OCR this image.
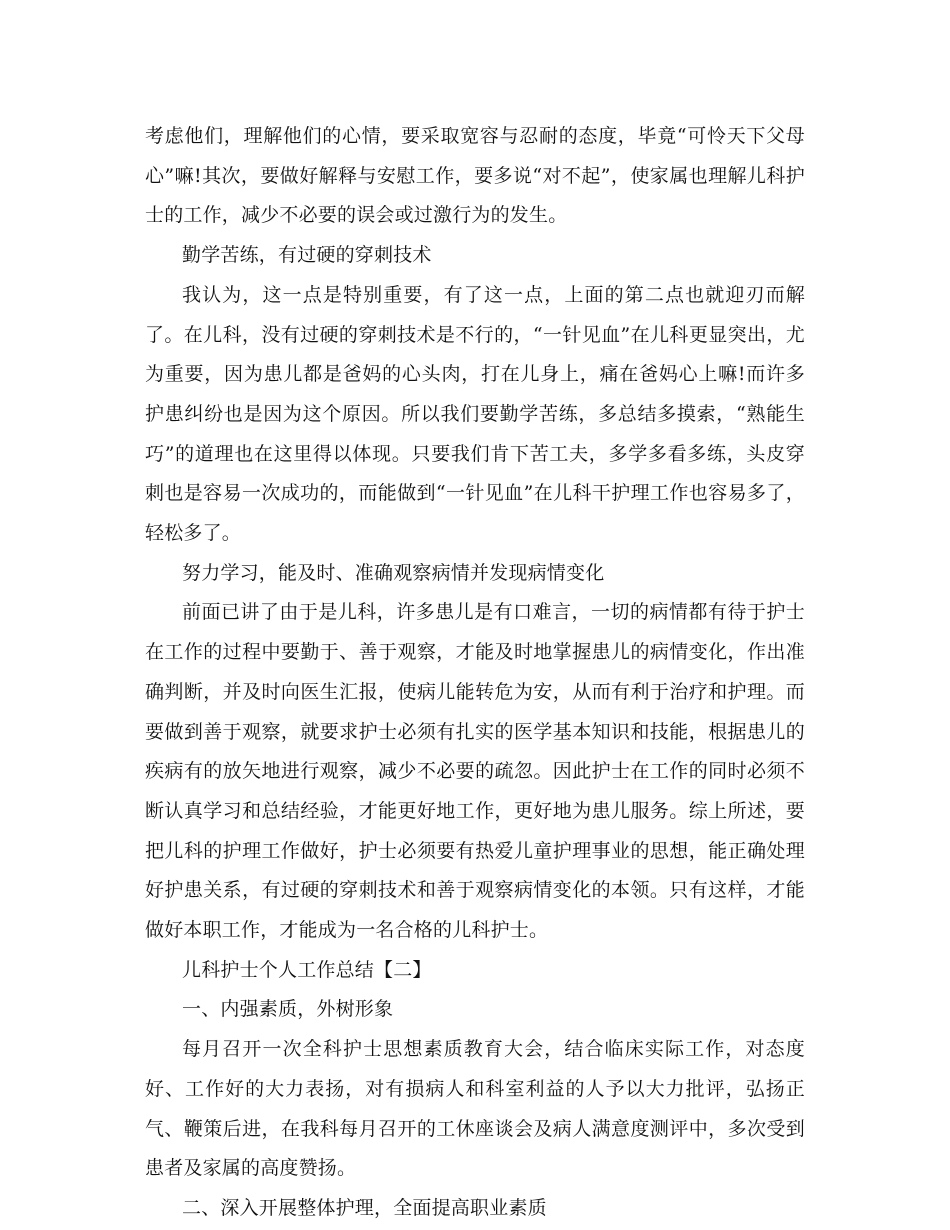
考虑他们，理解他们的心情，要采取宽容与忍耐的态度，毕竟“可怜天下父母心”嘛!其次，要做好解释与安慰工作，要多说“对不起”，使家属也理解儿科护士的工作，减少不必要的误会或过激行为的发生。

勤学苦练，有过硬的穿刺技术

我认为，这一点是特别重要，有了这一点，上面的第二点也就迎刃而解了。在儿科，没有过硬的穿刺技术是不行的，“一针见血”在儿科更显突出，尤为重要，因为患儿都是爸妈的心头肉，打在儿身上，痛在爸妈心上嘛!而许多护患纠纷也是因为这个原因。所以我们要勤学苦练，多总结多摸索，“熟能生巧”的道理也在这里得以体现。只要我们肯下苦工夫，多学多看多练，头皮穿刺也是容易一次成功的，而能做到“一针见血”在儿科干护理工作也容易多了，轻松多了。

努力学习，能及时、准确观察病情并发现病情变化

前面已讲了由于是儿科，许多患儿是有口难言，一切的病情都有待于护士在工作的过程中要勤于、善于观察，才能及时地掌握患儿的病情变化，作出准确判断，并及时向医生汇报，使病儿能转危为安，从而有利于治疗和护理。而要做到善于观察，就要求护士必须有扎实的医学基本知识和技能，根据患儿的疾病有的放矢地进行观察，减少不必要的疏忽。因此护士在工作的同时必须不断认真学习和总结经验，才能更好地工作，更好地为患儿服务。综上所述，要把儿科的护理工作做好，护士必须要有热爱儿童护理事业的思想，能正确处理好护患关系，有过硬的穿刺技术和善于观察病情变化的本领。只有这样，才能做好本职工作，才能成为一名合格的儿科护士。

儿科护士个人工作总结【二】

一、内强素质，外树形象

每月召开一次全科护士思想素质教育大会，结合临床实际工作，对态度好、工作好的大力表扬，对有损病人和科室利益的人予以大力批评，弘扬正气、鞭策后进，在我科每月召开的工休座谈会及病人满意度测评中，多次受到患者及家属的高度赞扬。

二、深入开展整体护理，全面提高职业素质
